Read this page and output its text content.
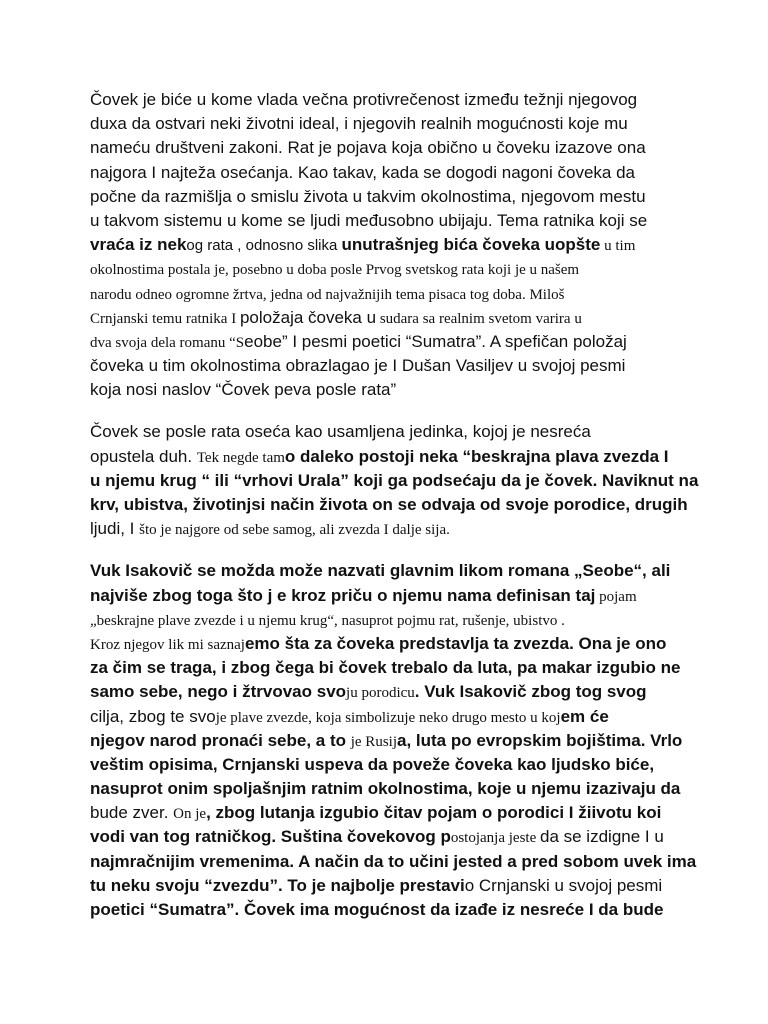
Čovek je biće u kome vlada večna protivrečenost između težnji njegovog
duxa da ostvari neki životni ideal, i njegovih realnih mogućnosti koje mu
nameću društveni zakoni. Rat je pojava koja obično u čoveku izazove ona
najgora I najteža osećanja. Kao takav, kada se dogodi nagoni čoveka da
počne da razmišlja o smislu života u takvim okolnostima, njegovom mestu
u takvom sistemu u kome se ljudi međusobno ubijaju. Tema ratnika koji se
vraća iz nekog rata , odnosno slika unutrašnjeg bića čoveka uopšte u tim
okolnostima postala je, posebno u doba posle Prvog svetskog rata koji je u našem
narodu odneo ogromne žrtva, jedna od najvažnijih tema pisaca tog doba. Miloš
Crnjanski temu ratnika I položaja čoveka u sudara sa realnim svetom varira u
dva svoja dela romanu “Seobe” I pesmi poetici “Sumatra”. A spefičan položaj
čoveka u tim okolnostima obrazlagao je I Dušan Vasiljev u svojoj pesmi
koja nosi naslov “Čovek peva posle rata”
Čovek se posle rata oseća kao usamljena jedinka, kojoj je nesreća
opustela duh. Tek negde tamo daleko postoji neka “beskrajna plava zvezda I
u njemu krug “ ili “vrhovi Urala” koji ga podsećaju da je čovek. Naviknut na
krv, ubistva, životinjsi način života on se odvaja od svoje porodice, drugih
ljudi, I što je najgore od sebe samog, ali zvezda I dalje sija.
Vuk Isakovič se možda može nazvati glavnim likom romana „Seobe“, ali
najviše zbog toga što j e kroz priču o njemu nama definisan taj pojam
„beskrajne plave zvezde i u njemu krug“, nasuprot pojmu rat, rušenje, ubistvo .
Kroz njegov lik mi saznajemo šta za čoveka predstavlja ta zvezda. Ona je ono
za čim se traga, i zbog čega bi čovek trebalo da luta, pa makar izgubio ne
samo sebe, nego i žtrvovao svoju porodicu. Vuk Isakovič zbog tog svog
cilja, zbog te svoje plave zvezde, koja simbolizuje neko drugo mesto u kojem će
njegov narod pronaći sebe, a to je Rusija, luta po evropskim bojištima. Vrlo
veštim opisima, Crnjanski uspeva da poveže čoveka kao ljudsko biće,
nasuprot onim spoljašnjim ratnim okolnostima, koje u njemu izazivaju da
bude zver. On je, zbog lutanja izgubio čitav pojam o porodici I žiivotu koi
vodi van tog ratničkog. Suština čovekovog postojanja jeste da se izdigne I u
najmračnijim vremenima. A način da to učini jested a pred sobom uvek ima
tu neku svoju “zvezdu”. To je najbolje prestavio Crnjanski u svojoj pesmi
poetici “Sumatra”. Čovek ima mogućnost da izađe iz nesreće I da bude
